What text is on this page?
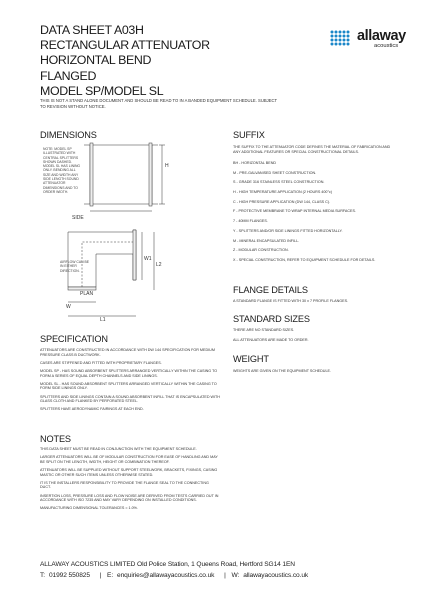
DATA SHEET A03H
RECTANGULAR ATTENUATOR
HORIZONTAL BEND
FLANGED
MODEL SP/MODEL SL
THIS IS NOT A STAND ALONE DOCUMENT AND SHOULD BE READ TO IN A BANDED EQUIPMENT SCHEDULE. SUBJECT TO REVISION WITHOUT NOTICE.
allaway
acoustics
DIMENSIONS
NOTE: MODEL SP ILLUSTRATED WITH CENTRAL SPLITTERS SHOWN DASHED. MODEL SL HAS LINING ONLY. BENDING ALL SIZE AND WIDTH ANY SIDE LENGTH SOUND ATTENUATOR DIMENSIONS AND TO ORDER WIDTH.
H
SIDE
AIRFLOW CAN BE IN EITHER DIRECTION.
W1
L2
PLAN
W
L1
SPECIFICATION

ATTENUATORS ARE CONSTRUCTED IN ACCORDANCE WITH DW 144 SPECIFICATION FOR MEDIUM PRESSURE CLASS B DUCTWORK.

CASES ARE STIFFENED AND FITTED WITH PROPRIETARY FLANGES.

MODEL SP - HAS SOUND ABSORBENT SPLITTERS ARRANGED VERTICALLY WITHIN THE CASING TO FORM A SERIES OF EQUAL DEPTH CHANNELS AND SIDE LININGS.

MODEL SL - HAS SOUND ABSORBENT SPLITTERS ARRANGED VERTICALLY WITHIN THE CASING TO FORM SIDE LININGS ONLY.

SPLITTERS AND SIDE LININGS CONTAIN A SOUND ABSORBENT INFILL THAT IS ENCAPSULATED WITH GLASS CLOTH AND FLANKED BY PERFORATED STEEL.

SPLITTERS HAVE AERODYNAMIC FAIRINGS AT EACH END.

NOTES

THIS DATA SHEET MUST BE READ IN CONJUNCTION WITH THE EQUIPMENT SCHEDULE.

LARGER ATTENUATORS WILL BE OF MODULAR CONSTRUCTION FOR EASE OF HANDLING AND MAY BE SPLIT ON THE LENGTH, WIDTH, HEIGHT OR COMBINATION THEREOF.

ATTENUATORS WILL BE SUPPLIED WITHOUT SUPPORT STEELWORK, BRACKETS, FIXINGS, CASING MASTIC OR OTHER SUCH ITEMS UNLESS OTHERWISE STATED.

IT IS THE INSTALLERS RESPONSIBILITY TO PROVIDE THE FLANGE SEAL TO THE CONNECTING DUCT.

INSERTION LOSS, PRESSURE LOSS AND FLOW NOISE ARE DERIVED FROM TESTS CARRIED OUT IN ACCORDANCE WITH ISO 7235 AND MAY VARY DEPENDING ON INSTALLED CONDITIONS.

MANUFACTURING DIMENSIONAL TOLERANCES = 1.0%.

SUFFIX
THE SUFFIX TO THE ATTENUATOR CODE DEFINES THE MATERIAL OF FABRICATION AND ANY ADDITIONAL FEATURES OR SPECIAL CONSTRUCTIONAL DETAILS.
BH - HORIZONTAL BEND
M - PRE-GALVANISED SHEET CONSTRUCTION.
S - GRADE 316 STAINLESS STEEL CONSTRUCTION.
H - HIGH TEMPERATURE APPLICATION (2 HOURS 400°c)
C - HIGH PRESSURE APPLICATION (DW 144, CLASS C).
F - PROTECTIVE MEMBRANE TO WRAP INTERNAL MEDIA SURFACES.
7 - 40MM FLANGES.
Y - SPLITTERS AND/OR SIDE LININGS FITTED HORIZONTALLY.
M - MINERAL ENCAPSULATED INFILL.
Z - MODULAR CONSTRUCTION.
X - SPECIAL CONSTRUCTION, REFER TO EQUIPMENT SCHEDULE FOR DETAILS.
FLANGE DETAILS
A STANDARD FLANGE IS FITTED WITH 30 x 7 PROFILE FLANGES.
STANDARD SIZES
THERE ARE NO STANDARD SIZES.
ALL ATTENUATORS ARE MADE TO ORDER.
WEIGHT
WEIGHTS ARE GIVEN ON THE EQUIPMENT SCHEDULE.
ALLAWAY ACOUSTICS LIMITED Old Police Station, 1 Queens Road, Hertford SG14 1EN
T: 01992 550825 | E: enquiries@allawayacoustics.co.uk | W: allawayacoustics.co.uk
